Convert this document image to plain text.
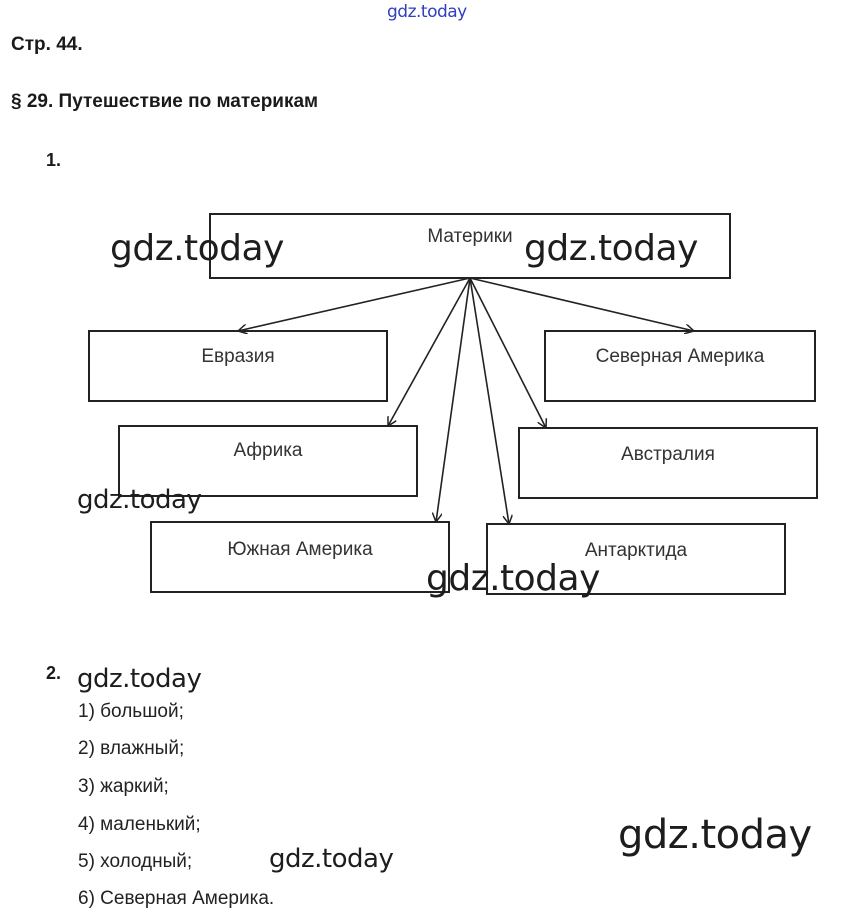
gdz.today
Стр. 44.
§ 29. Путешествие по материкам
1.
Материки
Евразия	Северная Америка
Африка	Австралия
Южная Америка	Антарктида
gdz.today	gdz.today
gdz.today
gdz.today
2. gdz.today
1) большой;
2) влажный;
3) жаркий;
4) маленький;
5) холодный;
6) Северная Америка.
gdz.today
gdz.today
